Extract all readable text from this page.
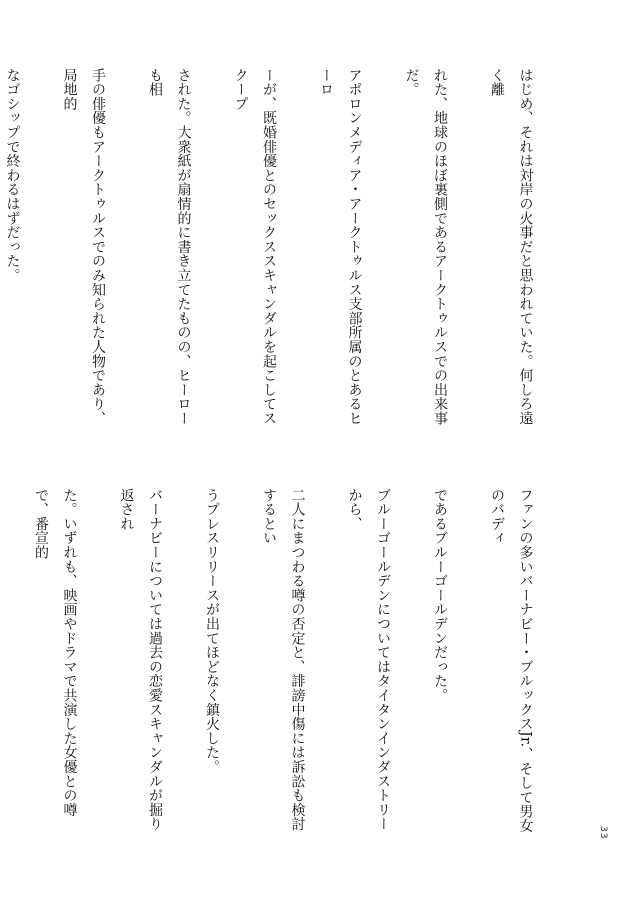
はじめ、それは対岸の火事だと思われていた。何しろ遠く離

れた、地球のほぼ裏側であるアークトゥルスでの出来事だ。

アポロンメディア・アークトゥルス支部所属のとあるヒーロ

ーが、既婚俳優とのセックススキャンダルを起こしてスクープ

された。大衆紙が扇情的に書き立てたものの、ヒーローも相

手の俳優もアークトゥルスでのみ知られた人物であり、局地的

なゴシップで終わるはずだった。

ファンの多いバーナビー・ブルックスJr.、そして男女のバディ

であるブルーゴールデンだった。

ブルーゴールデンについてはタイタンインダストリーから、

二人にまつわる噂の否定と、誹謗中傷には訴訟も検討するとい

うプレスリリースが出てほどなく鎮火した。

バーナビーについては過去の恋愛スキャンダルが掘り返され

た。いずれも、映画やドラマで共演した女優との噂で、番宣的

33
